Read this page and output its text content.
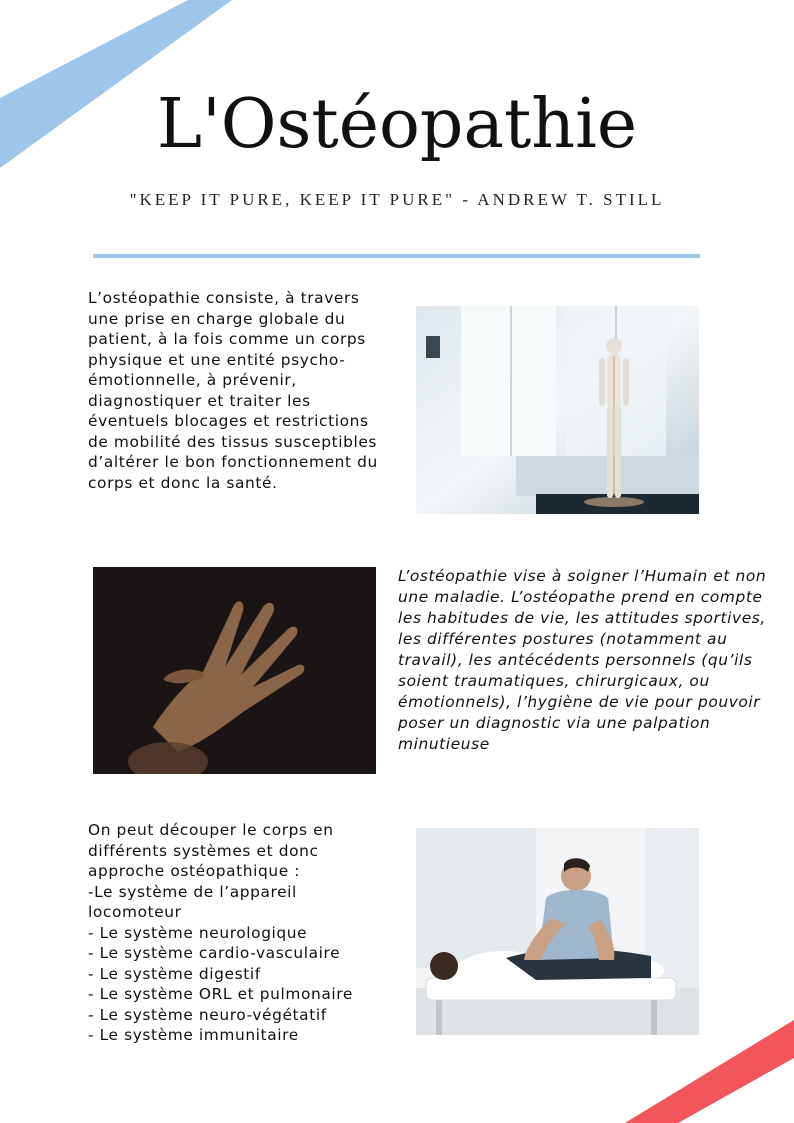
L'Ostéopathie

"KEEP IT PURE, KEEP IT PURE" - ANDREW T. STILL

L’ostéopathie consiste, à travers une prise en charge globale du patient, à la fois comme un corps physique et une entité psycho-émotionnelle, à prévenir, diagnostiquer et traiter les éventuels blocages et restrictions de mobilité des tissus susceptibles d’altérer le bon fonctionnement du corps et donc la santé.

L’ostéopathie vise à soigner l’Humain et non une maladie. L’ostéopathe prend en compte les habitudes de vie, les attitudes sportives, les différentes postures (notamment au travail), les antécédents personnels (qu’ils soient traumatiques, chirurgicaux, ou émotionnels), l’hygiène de vie pour pouvoir poser un diagnostic via une palpation minutieuse

On peut découper le corps en différents systèmes et donc approche ostéopathique :
-Le système de l’appareil locomoteur
- Le système neurologique
- Le système cardio-vasculaire
- Le système digestif
- Le système ORL et pulmonaire
- Le système neuro-végétatif
- Le système immunitaire
